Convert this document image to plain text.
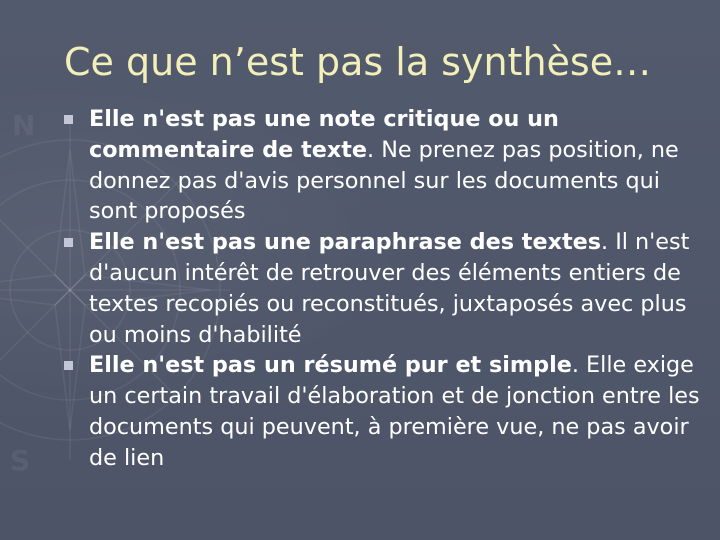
S
N
Ce que n’est pas la synthèse…
Elle n'est pas une note critique ou un commentaire de texte. Ne prenez pas position, ne donnez pas d'avis personnel sur les documents qui sont proposés
Elle n'est pas une paraphrase des textes. Il n'est d'aucun intérêt de retrouver des éléments entiers de textes recopiés ou reconstitués, juxtaposés avec plus ou moins d'habilité
Elle n'est pas un résumé pur et simple. Elle exige un certain travail d'élaboration et de jonction entre les documents qui peuvent, à première vue, ne pas avoir de lien
